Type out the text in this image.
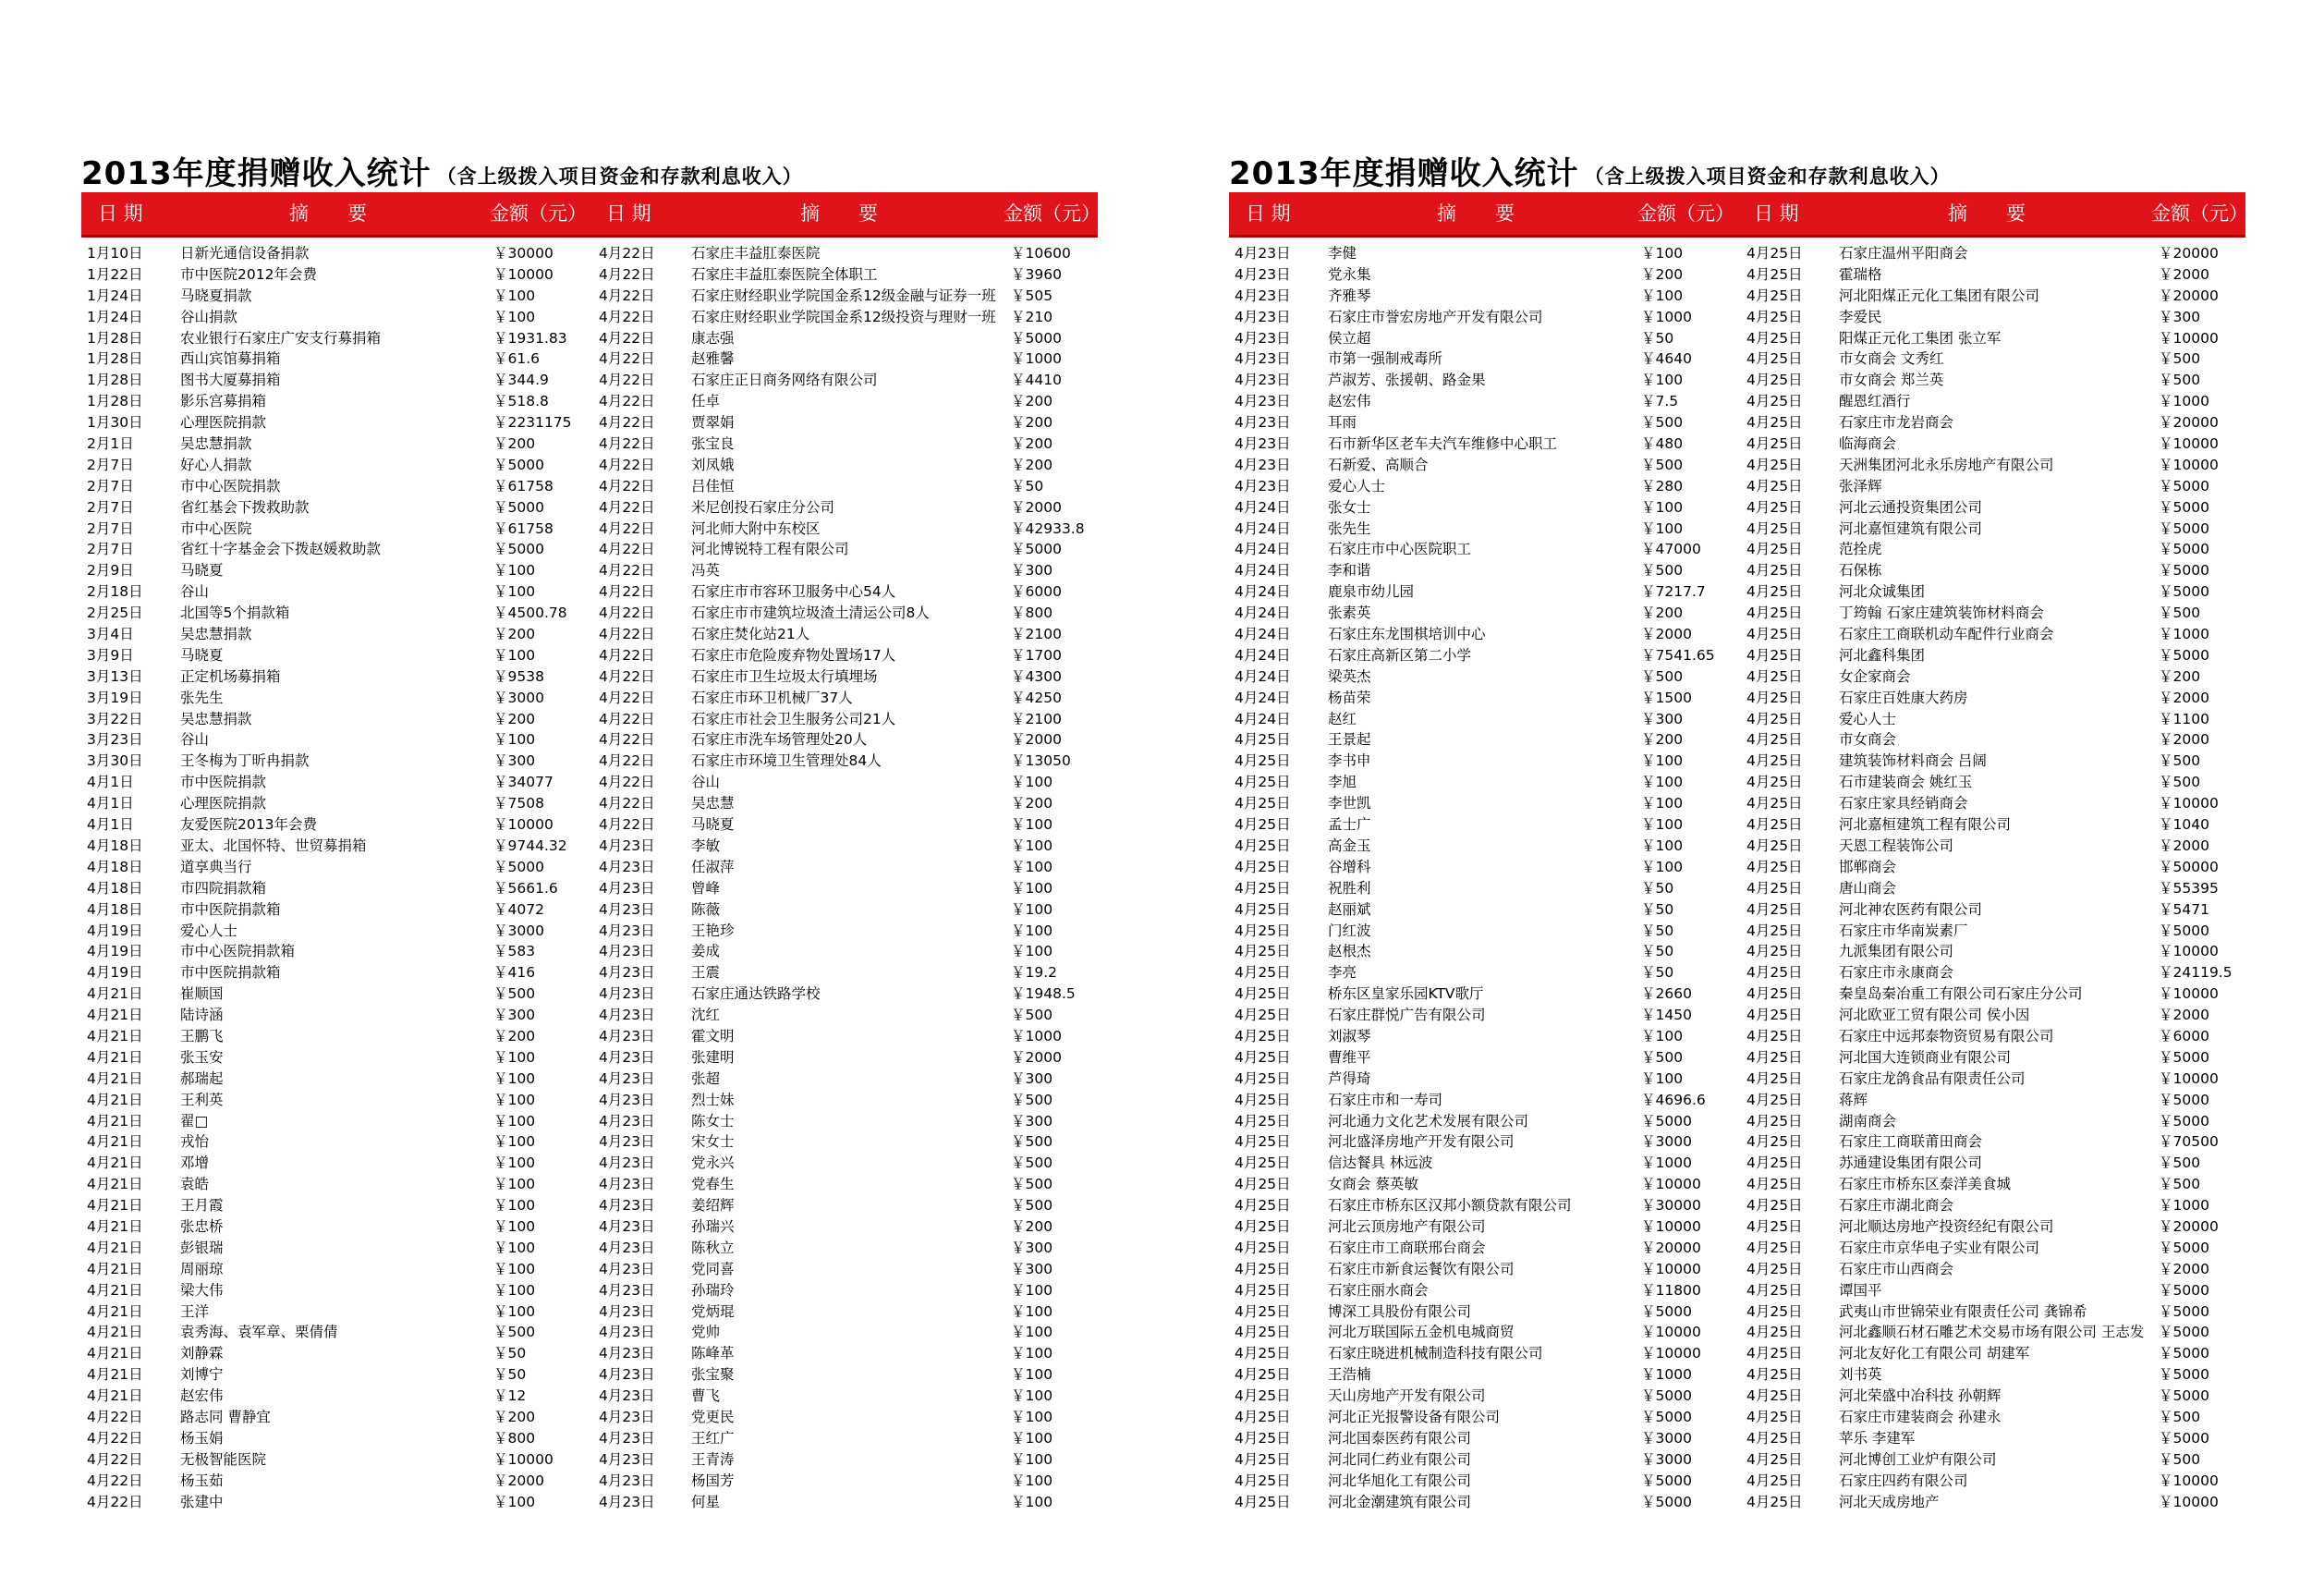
2013年度捐赠收入统计 （含上级拨入项目资金和存款利息收入）
日 期	摘　　要	金额（元） 日 期	摘　　要	金额（元）
1月10日	日新光通信设备捐款	￥30000	4月22日	石家庄丰益肛泰医院	￥10600
1月22日	市中医院2012年会费	￥10000	4月22日	石家庄丰益肛泰医院全体职工	￥3960
1月24日	马晓夏捐款	￥100	4月22日	石家庄财经职业学院国金系12级金融与证券一班	￥505
1月24日	谷山捐款	￥100	4月22日	石家庄财经职业学院国金系12级投资与理财一班	￥210
1月28日	农业银行石家庄广安支行募捐箱	￥1931.83	4月22日	康志强	￥5000
1月28日	西山宾馆募捐箱	￥61.6	4月22日	赵雅馨	￥1000
1月28日	图书大厦募捐箱	￥344.9	4月22日	石家庄正日商务网络有限公司	￥4410
1月28日	影乐宫募捐箱	￥518.8	4月22日	任卓	￥200
1月30日	心理医院捐款	￥2231175	4月22日	贾翠娟	￥200
2月1日	吴忠慧捐款	￥200	4月22日	张宝良	￥200
2月7日	好心人捐款	￥5000	4月22日	刘凤娥	￥200
2月7日	市中心医院捐款	￥61758	4月22日	吕佳恒	￥50
2月7日	省红基会下拨救助款	￥5000	4月22日	米尼创投石家庄分公司	￥2000
2月7日	市中心医院	￥61758	4月22日	河北师大附中东校区	￥42933.8
2月7日	省红十字基金会下拨赵媛救助款	￥5000	4月22日	河北博锐特工程有限公司	￥5000
2月9日	马晓夏	￥100	4月22日	冯英	￥300
2月18日	谷山	￥100	4月22日	石家庄市市容环卫服务中心54人	￥6000
2月25日	北国等5个捐款箱	￥4500.78	4月22日	石家庄市市建筑垃圾渣土清运公司8人	￥800
3月4日	吴忠慧捐款	￥200	4月22日	石家庄焚化站21人	￥2100
3月9日	马晓夏	￥100	4月22日	石家庄市危险废弃物处置场17人	￥1700
3月13日	正定机场募捐箱	￥9538	4月22日	石家庄市卫生垃圾太行填埋场	￥4300
3月19日	张先生	￥3000	4月22日	石家庄市环卫机械厂37人	￥4250
3月22日	吴忠慧捐款	￥200	4月22日	石家庄市社会卫生服务公司21人	￥2100
3月23日	谷山	￥100	4月22日	石家庄市洗车场管理处20人	￥2000
3月30日	王冬梅为丁昕冉捐款	￥300	4月22日	石家庄市环境卫生管理处84人	￥13050
4月1日	市中医院捐款	￥34077	4月22日	谷山	￥100
4月1日	心理医院捐款	￥7508	4月22日	吴忠慧	￥200
4月1日	友爱医院2013年会费	￥10000	4月22日	马晓夏	￥100
4月18日	亚太、北国怀特、世贸募捐箱	￥9744.32	4月23日	李敏	￥100
4月18日	道享典当行	￥5000	4月23日	任淑萍	￥100
4月18日	市四院捐款箱	￥5661.6	4月23日	曾峰	￥100
4月18日	市中医院捐款箱	￥4072	4月23日	陈薇	￥100
4月19日	爱心人士	￥3000	4月23日	王艳珍	￥100
4月19日	市中心医院捐款箱	￥583	4月23日	姜成	￥100
4月19日	市中医院捐款箱	￥416	4月23日	王震	￥19.2
4月21日	崔顺国	￥500	4月23日	石家庄通达铁路学校	￥1948.5
4月21日	陆诗涵	￥300	4月23日	沈红	￥500
4月21日	王鹏飞	￥200	4月23日	霍文明	￥1000
4月21日	张玉安	￥100	4月23日	张建明	￥2000
4月21日	郝瑞起	￥100	4月23日	张超	￥300
4月21日	王利英	￥100	4月23日	烈士妹	￥500
4月21日	翟□	￥100	4月23日	陈女士	￥300
4月21日	戎怡	￥100	4月23日	宋女士	￥500
4月21日	邓增	￥100	4月23日	党永兴	￥500
4月21日	袁皓	￥100	4月23日	党春生	￥500
4月21日	王月霞	￥100	4月23日	姜绍辉	￥500
4月21日	张忠桥	￥100	4月23日	孙瑞兴	￥200
4月21日	彭银瑞	￥100	4月23日	陈秋立	￥300
4月21日	周丽琼	￥100	4月23日	党同喜	￥300
4月21日	梁大伟	￥100	4月23日	孙瑞玲	￥100
4月21日	王洋	￥100	4月23日	党炳琨	￥100
4月21日	袁秀海、袁军章、栗倩倩	￥500	4月23日	党帅	￥100
4月21日	刘静霖	￥50	4月23日	陈峰革	￥100
4月21日	刘博宁	￥50	4月23日	张宝聚	￥100
4月21日	赵宏伟	￥12	4月23日	曹飞	￥100
4月22日	路志同 曹静宜	￥200	4月23日	党更民	￥100
4月22日	杨玉娟	￥800	4月23日	王红广	￥100
4月22日	无极智能医院	￥10000	4月23日	王青涛	￥100
4月22日	杨玉茹	￥2000	4月23日	杨国芳	￥100
4月22日	张建中	￥100	4月23日	何星	￥100
2013年度捐赠收入统计 （含上级拨入项目资金和存款利息收入）
日 期	摘　　要	金额（元） 日 期	摘　　要	金额（元）
4月23日	李健	￥100	4月25日	石家庄温州平阳商会	￥20000
4月23日	党永集	￥200	4月25日	霍瑞格	￥2000
4月23日	齐雅琴	￥100	4月25日	河北阳煤正元化工集团有限公司	￥20000
4月23日	石家庄市誉宏房地产开发有限公司	￥1000	4月25日	李爱民	￥300
4月23日	侯立超	￥50	4月25日	阳煤正元化工集团 张立军	￥10000
4月23日	市第一强制戒毒所	￥4640	4月25日	市女商会 文秀红	￥500
4月23日	芦淑芳、张援朝、路金果	￥100	4月25日	市女商会 郑兰英	￥500
4月23日	赵宏伟	￥7.5	4月25日	醒恩红酒行	￥1000
4月23日	耳雨	￥500	4月25日	石家庄市龙岩商会	￥20000
4月23日	石市新华区老车夫汽车维修中心职工	￥480	4月25日	临海商会	￥10000
4月23日	石新爱、高顺合	￥500	4月25日	天洲集团河北永乐房地产有限公司	￥10000
4月23日	爱心人士	￥280	4月25日	张泽辉	￥5000
4月24日	张女士	￥100	4月25日	河北云通投资集团公司	￥5000
4月24日	张先生	￥100	4月25日	河北嘉恒建筑有限公司	￥5000
4月24日	石家庄市中心医院职工	￥47000	4月25日	范拴虎	￥5000
4月24日	李和谐	￥500	4月25日	石保栋	￥5000
4月24日	鹿泉市幼儿园	￥7217.7	4月25日	河北众诚集团	￥5000
4月24日	张素英	￥200	4月25日	丁筠翰 石家庄建筑装饰材料商会	￥500
4月24日	石家庄东龙围棋培训中心	￥2000	4月25日	石家庄工商联机动车配件行业商会	￥1000
4月24日	石家庄高新区第二小学	￥7541.65	4月25日	河北鑫科集团	￥5000
4月24日	梁英杰	￥500	4月25日	女企家商会	￥200
4月24日	杨苗荣	￥1500	4月25日	石家庄百姓康大药房	￥2000
4月24日	赵红	￥300	4月25日	爱心人士	￥1100
4月25日	王景起	￥200	4月25日	市女商会	￥2000
4月25日	李书申	￥100	4月25日	建筑装饰材料商会 吕阔	￥500
4月25日	李旭	￥100	4月25日	石市建装商会 姚红玉	￥500
4月25日	李世凯	￥100	4月25日	石家庄家具经销商会	￥10000
4月25日	孟士广	￥100	4月25日	河北嘉桓建筑工程有限公司	￥1040
4月25日	高金玉	￥100	4月25日	天恩工程装饰公司	￥2000
4月25日	谷增科	￥100	4月25日	邯郸商会	￥50000
4月25日	祝胜利	￥50	4月25日	唐山商会	￥55395
4月25日	赵丽斌	￥50	4月25日	河北神农医药有限公司	￥5471
4月25日	门红波	￥50	4月25日	石家庄市华南炭素厂	￥5000
4月25日	赵根杰	￥50	4月25日	九派集团有限公司	￥10000
4月25日	李亮	￥50	4月25日	石家庄市永康商会	￥24119.5
4月25日	桥东区皇家乐园KTV歌厅	￥2660	4月25日	秦皇岛秦冶重工有限公司石家庄分公司	￥10000
4月25日	石家庄群悦广告有限公司	￥1450	4月25日	河北欧亚工贸有限公司 侯小因	￥2000
4月25日	刘淑琴	￥100	4月25日	石家庄中远邦泰物资贸易有限公司	￥6000
4月25日	曹维平	￥500	4月25日	河北国大连锁商业有限公司	￥5000
4月25日	芦得琦	￥100	4月25日	石家庄龙鸽食品有限责任公司	￥10000
4月25日	石家庄市和一寿司	￥4696.6	4月25日	蒋辉	￥5000
4月25日	河北通力文化艺术发展有限公司	￥5000	4月25日	湖南商会	￥5000
4月25日	河北盛泽房地产开发有限公司	￥3000	4月25日	石家庄工商联莆田商会	￥70500
4月25日	信达餐具 林远波	￥1000	4月25日	苏通建设集团有限公司	￥500
4月25日	女商会 蔡英敏	￥10000	4月25日	石家庄市桥东区泰洋美食城	￥500
4月25日	石家庄市桥东区汉邦小额贷款有限公司	￥30000	4月25日	石家庄市湖北商会	￥1000
4月25日	河北云顶房地产有限公司	￥10000	4月25日	河北顺达房地产投资经纪有限公司	￥20000
4月25日	石家庄市工商联邢台商会	￥20000	4月25日	石家庄市京华电子实业有限公司	￥5000
4月25日	石家庄市新食运餐饮有限公司	￥10000	4月25日	石家庄市山西商会	￥2000
4月25日	石家庄丽水商会	￥11800	4月25日	谭国平	￥5000
4月25日	博深工具股份有限公司	￥5000	4月25日	武夷山市世锦荣业有限责任公司 龚锦希	￥5000
4月25日	河北万联国际五金机电城商贸	￥10000	4月25日	河北鑫顺石材石雕艺术交易市场有限公司 王志发	￥5000
4月25日	石家庄晓进机械制造科技有限公司	￥10000	4月25日	河北友好化工有限公司 胡建军	￥5000
4月25日	王浩楠	￥1000	4月25日	刘书英	￥5000
4月25日	天山房地产开发有限公司	￥5000	4月25日	河北荣盛中冶科技 孙朝辉	￥5000
4月25日	河北正光报警设备有限公司	￥5000	4月25日	石家庄市建装商会 孙建永	￥500
4月25日	河北国泰医药有限公司	￥3000	4月25日	苹乐 李建军	￥5000
4月25日	河北同仁药业有限公司	￥3000	4月25日	河北博创工业炉有限公司	￥500
4月25日	河北华旭化工有限公司	￥5000	4月25日	石家庄四药有限公司	￥10000
4月25日	河北金潮建筑有限公司	￥5000	4月25日	河北天成房地产	￥10000
